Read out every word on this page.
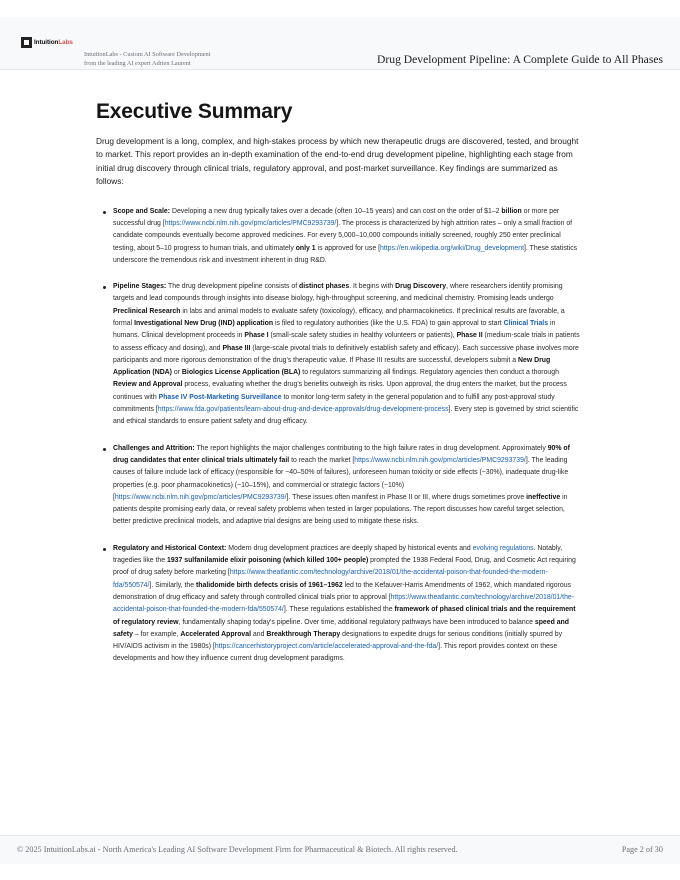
IntuitionLabs
IntuitionLabs - Custom AI Software Development
from the leading AI expert Adrien Laurent	Drug Development Pipeline: A Complete Guide to All Phases
Executive Summary

Drug development is a long, complex, and high-stakes process by which new therapeutic drugs are discovered, tested, and brought to market. This report provides an in-depth examination of the end-to-end drug development pipeline, highlighting each stage from initial drug discovery through clinical trials, regulatory approval, and post-market surveillance. Key findings are summarized as follows:

Scope and Scale: Developing a new drug typically takes over a decade (often 10–15 years) and can cost on the order of $1–2 billion or more per successful drug [https://www.ncbi.nlm.nih.gov/pmc/articles/PMC9293739/]. The process is characterized by high attrition rates – only a small fraction of candidate compounds eventually become approved medicines. For every 5,000–10,000 compounds initially screened, roughly 250 enter preclinical testing, about 5–10 progress to human trials, and ultimately only 1 is approved for use [https://en.wikipedia.org/wiki/Drug_development]. These statistics underscore the tremendous risk and investment inherent in drug R&D.
Pipeline Stages: The drug development pipeline consists of distinct phases. It begins with Drug Discovery, where researchers identify promising targets and lead compounds through insights into disease biology, high-throughput screening, and medicinal chemistry. Promising leads undergo Preclinical Research in labs and animal models to evaluate safety (toxicology), efficacy, and pharmacokinetics. If preclinical results are favorable, a formal Investigational New Drug (IND) application is filed to regulatory authorities (like the U.S. FDA) to gain approval to start Clinical Trials in humans. Clinical development proceeds in Phase I (small-scale safety studies in healthy volunteers or patients), Phase II (medium-scale trials in patients to assess efficacy and dosing), and Phase III (large-scale pivotal trials to definitively establish safety and efficacy). Each successive phase involves more participants and more rigorous demonstration of the drug's therapeutic value. If Phase III results are successful, developers submit a New Drug Application (NDA) or Biologics License Application (BLA) to regulators summarizing all findings. Regulatory agencies then conduct a thorough Review and Approval process, evaluating whether the drug's benefits outweigh its risks. Upon approval, the drug enters the market, but the process continues with Phase IV Post-Marketing Surveillance to monitor long-term safety in the general population and to fulfill any post-approval study commitments [https://www.fda.gov/patients/learn-about-drug-and-device-approvals/drug-development-process]. Every step is governed by strict scientific and ethical standards to ensure patient safety and drug efficacy.
Challenges and Attrition: The report highlights the major challenges contributing to the high failure rates in drug development. Approximately 90% of drug candidates that enter clinical trials ultimately fail to reach the market [https://www.ncbi.nlm.nih.gov/pmc/articles/PMC9293739/]. The leading causes of failure include lack of efficacy (responsible for ~40–50% of failures), unforeseen human toxicity or side effects (~30%), inadequate drug-like properties (e.g. poor pharmacokinetics) (~10–15%), and commercial or strategic factors (~10%) [https://www.ncbi.nlm.nih.gov/pmc/articles/PMC9293739/]. These issues often manifest in Phase II or III, where drugs sometimes prove ineffective in patients despite promising early data, or reveal safety problems when tested in larger populations. The report discusses how careful target selection, better predictive preclinical models, and adaptive trial designs are being used to mitigate these risks.
Regulatory and Historical Context: Modern drug development practices are deeply shaped by historical events and evolving regulations. Notably, tragedies like the 1937 sulfanilamide elixir poisoning (which killed 100+ people) prompted the 1938 Federal Food, Drug, and Cosmetic Act requiring proof of drug safety before marketing [https://www.theatlantic.com/technology/archive/2018/01/the-accidental-poison-that-founded-the-modern-fda/550574/]. Similarly, the thalidomide birth defects crisis of 1961–1962 led to the Kefauver-Harris Amendments of 1962, which mandated rigorous demonstration of drug efficacy and safety through controlled clinical trials prior to approval [https://www.theatlantic.com/technology/archive/2018/01/the-accidental-poison-that-founded-the-modern-fda/550574/]. These regulations established the framework of phased clinical trials and the requirement of regulatory review, fundamentally shaping today's pipeline. Over time, additional regulatory pathways have been introduced to balance speed and safety – for example, Accelerated Approval and Breakthrough Therapy designations to expedite drugs for serious conditions (initially spurred by HIV/AIDS activism in the 1980s) [https://cancerhistoryproject.com/article/accelerated-approval-and-the-fda/]. This report provides context on these developments and how they influence current drug development paradigms.
© 2025 IntuitionLabs.ai - North America's Leading AI Software Development Firm for Pharmaceutical & Biotech. All rights reserved.	Page 2 of 30
